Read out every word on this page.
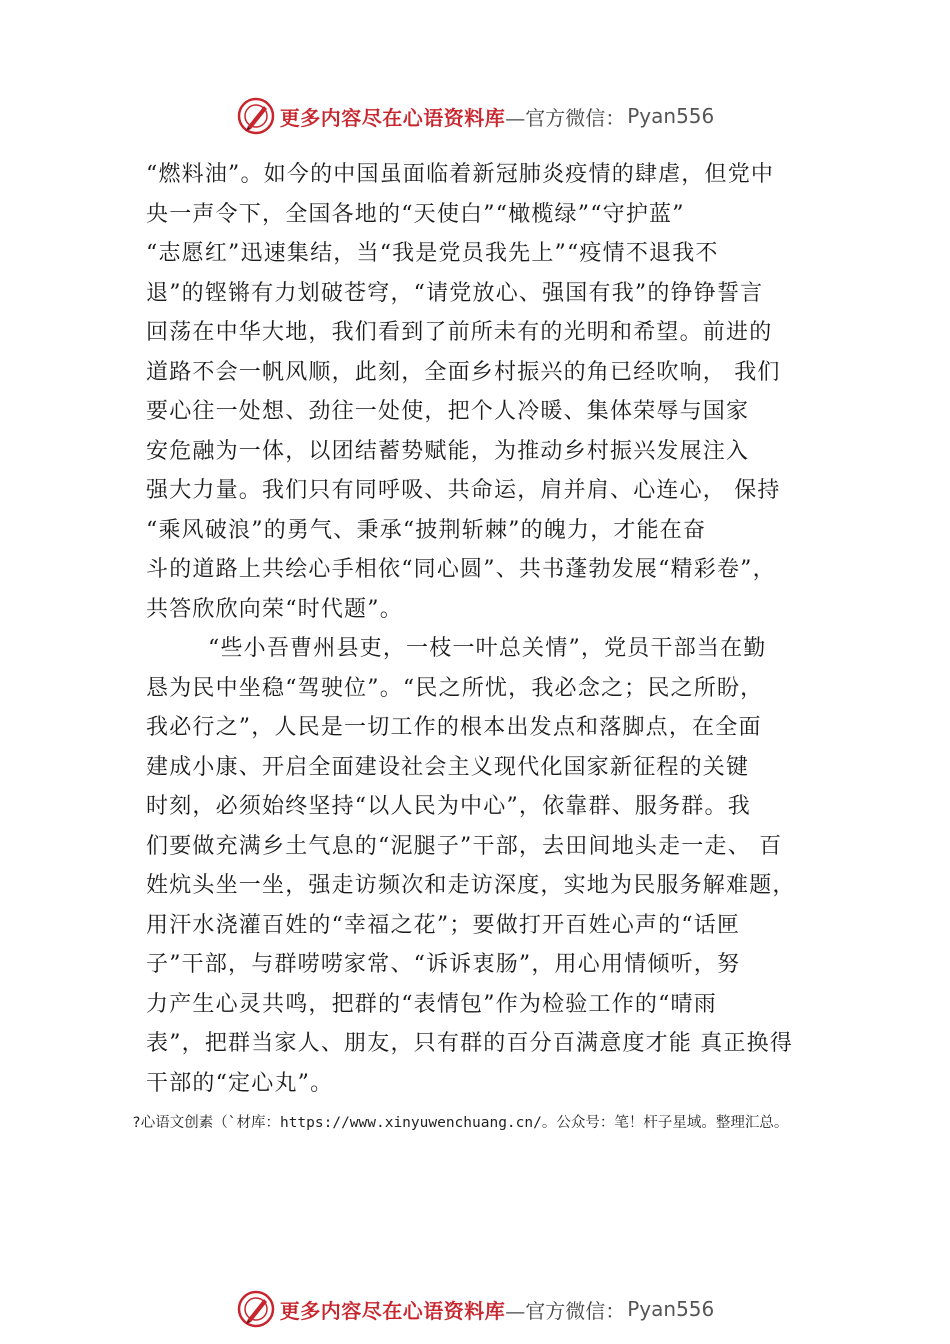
更多内容尽在心语资料库 —官方微信： Pyan556
“燃料油”。如今的中国虽面临着新冠肺炎疫情的肆虐，但党中
央一声令下，全国各地的“天使白”“橄榄绿”“守护蓝”
“志愿红”迅速集结，当“我是党员我先上”“疫情不退我不
退”的铿锵有力划破苍穹，“请党放心、强国有我”的铮铮誓言
回荡在中华大地，我们看到了前所未有的光明和希望。前进的
道路不会一帆风顺，此刻，全面乡村振兴的角已经吹响， 我们
要心往一处想、劲往一处使，把个人冷暖、集体荣辱与国家
安危融为一体，以团结蓄势赋能，为推动乡村振兴发展注入
强大力量。我们只有同呼吸、共命运，肩并肩、心连心， 保持
“乘风破浪”的勇气、秉承“披荆斩棘”的魄力，才能在奋
斗的道路上共绘心手相依“同心圆”、共书蓬勃发展“精彩卷”，
共答欣欣向荣“时代题”。
“些小吾曹州县吏，一枝一叶总关情”，党员干部当在勤
恳为民中坐稳“驾驶位”。“民之所忧，我必念之；民之所盼，
我必行之”，人民是一切工作的根本出发点和落脚点，在全面
建成小康、开启全面建设社会主义现代化国家新征程的关键
时刻，必须始终坚持“以人民为中心”，依靠群、服务群。我
们要做充满乡土气息的“泥腿子”干部，去田间地头走一走、 百
姓炕头坐一坐，强走访频次和走访深度，实地为民服务解难题，
用汗水浇灌百姓的“幸福之花”；要做打开百姓心声的“话匣
子”干部，与群唠唠家常、“诉诉衷肠”，用心用情倾听，努
力产生心灵共鸣，把群的“表情包”作为检验工作的“晴雨
表”，把群当家人、朋友，只有群的百分百满意度才能 真正换得
干部的“定心丸”。
?心语文创素（`材库：https://www.xinyuwenchuang.cn/。公众号：笔！杆子星域。整理汇总。
更多内容尽在心语资料库 —官方微信： Pyan556
